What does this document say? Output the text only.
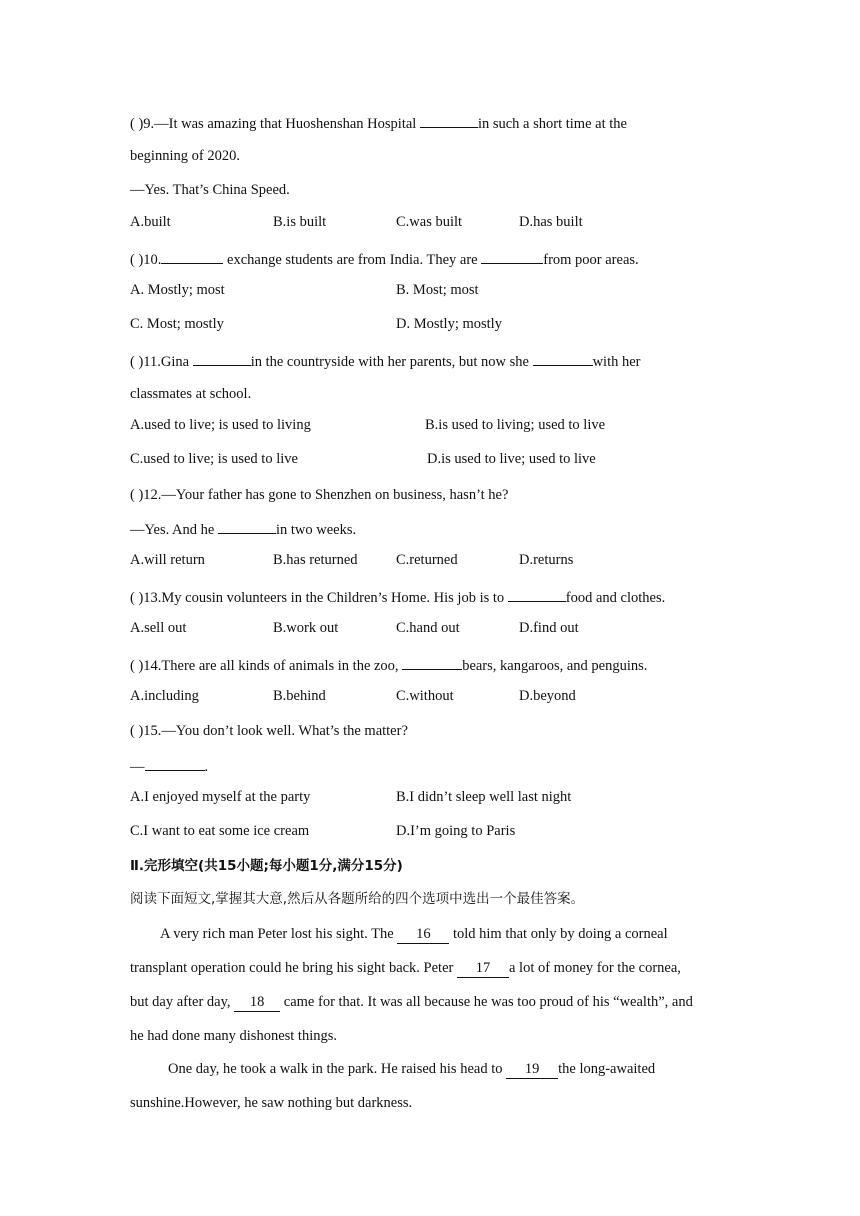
( )9.—It was amazing that Huoshenshan Hospital	in such a short time at the
beginning of 2020.
—Yes. That’s China Speed.
A.built	B.is built	C.was built	D.has built
( )10.	exchange students are from India. They are	from poor areas.
A. Mostly; most	B. Most; most
C. Most; mostly	D. Mostly; mostly
( )11.Gina	in the countryside with her parents, but now she	with her
classmates at school.
A.used to live; is used to living	B.is used to living; used to live
C.used to live; is used to live	D.is used to live; used to live
( )12.—Your father has gone to Shenzhen on business, hasn’t he?
—Yes. And he	in two weeks.
A.will return	B.has returned	C.returned	D.returns
( )13.My cousin volunteers in the Children’s Home. His job is to	food and clothes.
A.sell out	B.work out	C.hand out	D.find out
( )14.There are all kinds of animals in the zoo,	bears, kangaroos, and penguins.
A.including	B.behind	C.without	D.beyond
( )15.—You don’t look well. What’s the matter?
—	.
A.I enjoyed myself at the party	B.I didn’t sleep well last night
C.I want to eat some ice cream	D.I’m going to Paris
Ⅱ.完形填空(共15小题;每小题1分,满分15分)
阅读下面短文,掌握其大意,然后从各题所给的四个选项中选出一个最佳答案。
A very rich man Peter lost his sight. The 16 told him that only by doing a corneal
transplant operation could he bring his sight back. Peter 17 a lot of money for the cornea,
but day after day, 18 came for that. It was all because he was too proud of his “wealth”, and
he had done many dishonest things.
One day, he took a walk in the park. He raised his head to 19 the long-awaited
sunshine.However, he saw nothing but darkness.
